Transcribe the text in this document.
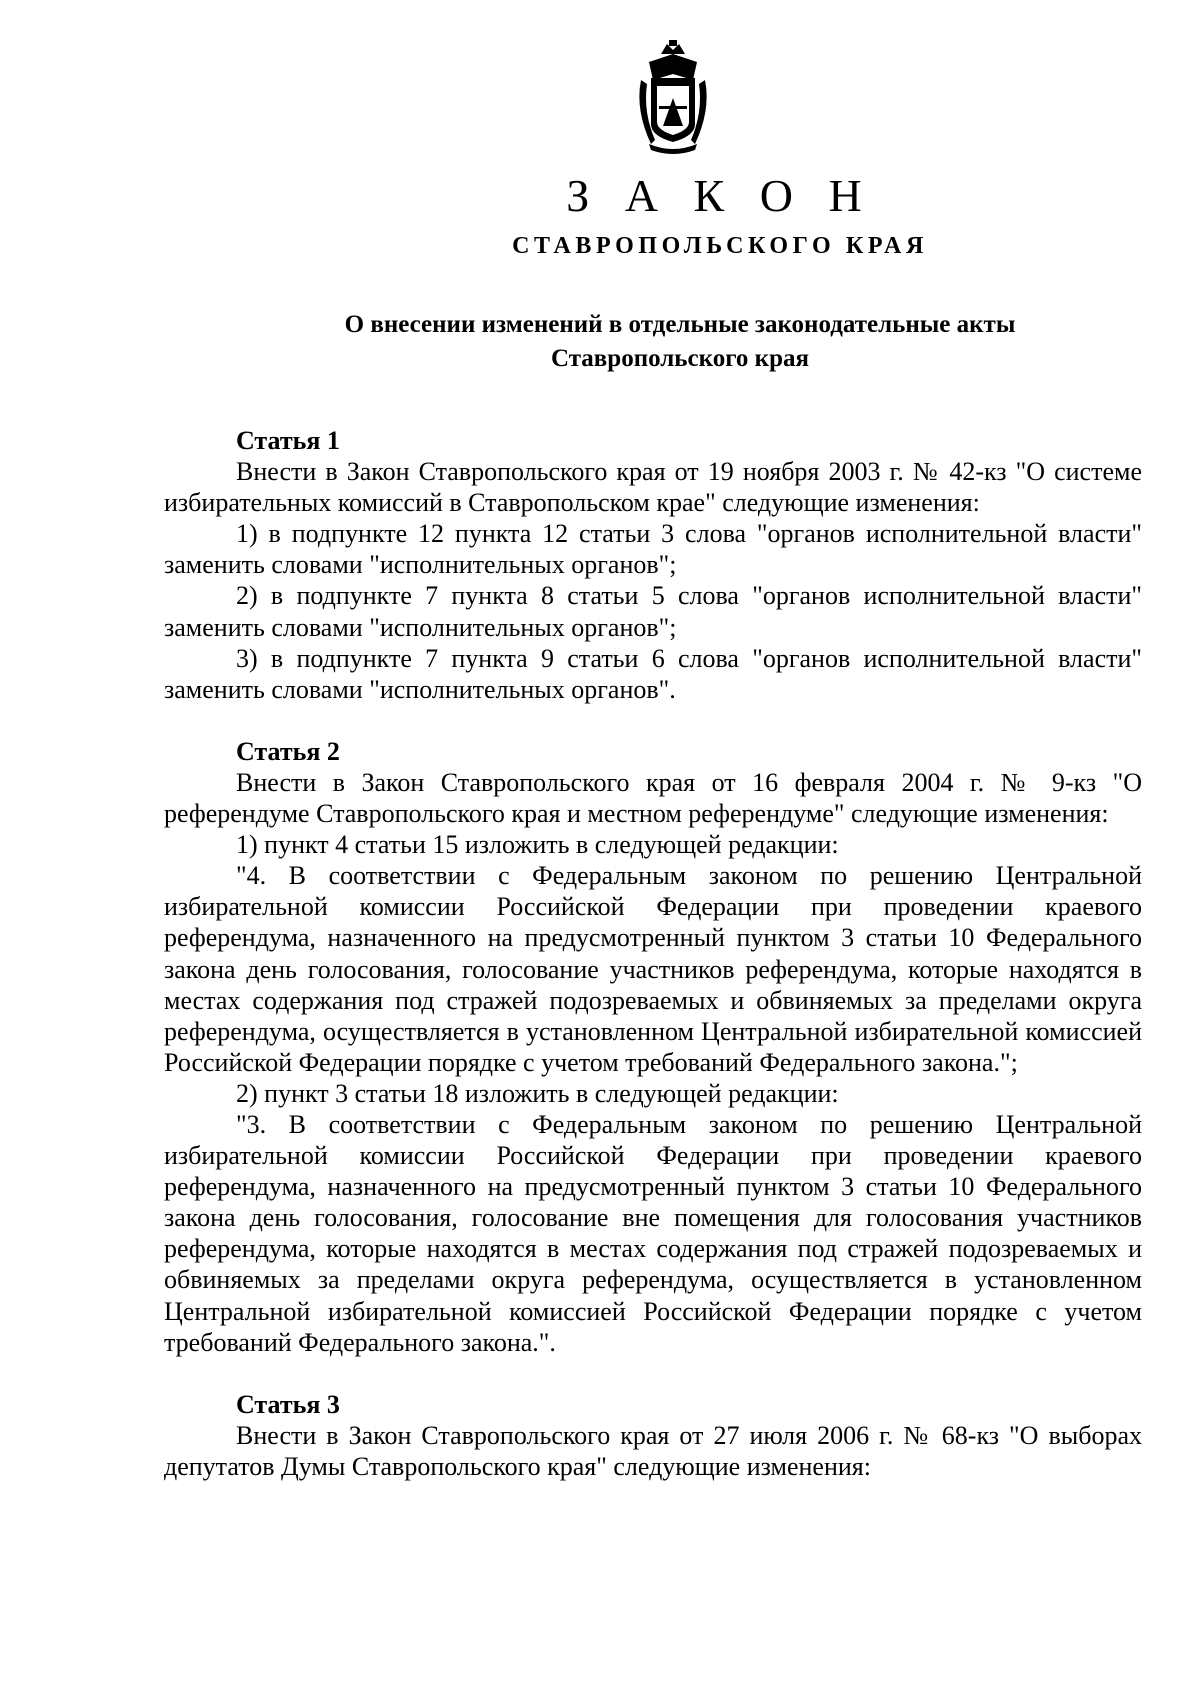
З А К О Н
СТАВРОПОЛЬСКОГО КРАЯ
О внесении изменений в отдельные законодательные акты
Ставропольского края
Статья 1

Внести в Закон Ставропольского края от 19 ноября 2003 г. № 42-кз "О системе избирательных комиссий в Ставропольском крае" следующие изменения:

1) в подпункте 12 пункта 12 статьи 3 слова "органов исполнительной власти" заменить словами "исполнительных органов";

2) в подпункте 7 пункта 8 статьи 5 слова "органов исполнительной власти" заменить словами "исполнительных органов";

3) в подпункте 7 пункта 9 статьи 6 слова "органов исполнительной власти" заменить словами "исполнительных органов".

Статья 2

Внести в Закон Ставропольского края от 16 февраля 2004 г. № 9-кз "О референдуме Ставропольского края и местном референдуме" следующие изменения:

1) пункт 4 статьи 15 изложить в следующей редакции:

"4. В соответствии с Федеральным законом по решению Центральной избирательной комиссии Российской Федерации при проведении краевого референдума, назначенного на предусмотренный пунктом 3 статьи 10 Федерального закона день голосования, голосование участников референдума, которые находятся в местах содержания под стражей подозреваемых и обвиняемых за пределами округа референдума, осуществляется в установленном Центральной избирательной комиссией Российской Федерации порядке с учетом требований Федерального закона.";

2) пункт 3 статьи 18 изложить в следующей редакции:

"3. В соответствии с Федеральным законом по решению Центральной избирательной комиссии Российской Федерации при проведении краевого референдума, назначенного на предусмотренный пунктом 3 статьи 10 Федерального закона день голосования, голосование вне помещения для голосования участников референдума, которые находятся в местах содержания под стражей подозреваемых и обвиняемых за пределами округа референдума, осуществляется в установленном Центральной избирательной комиссией Российской Федерации порядке с учетом требований Федерального закона.".

Статья 3

Внести в Закон Ставропольского края от 27 июля 2006 г. № 68-кз "О выборах депутатов Думы Ставропольского края" следующие изменения:
